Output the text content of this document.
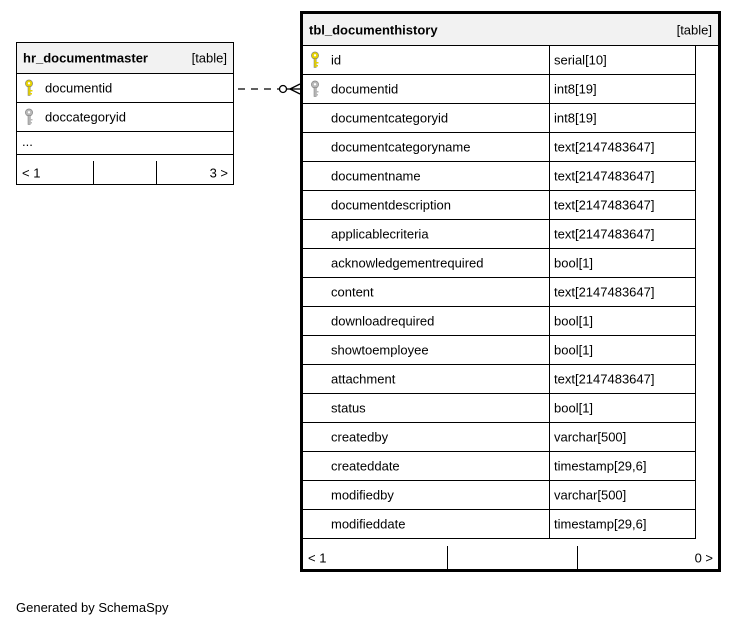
hr_documentmaster	[table]
documentid
doccategoryid
...
< 1	3 >
tbl_documenthistory	[table]
id	serial[10]
documentid	int8[19]
documentcategoryid	int8[19]
documentcategoryname	text[2147483647]
documentname	text[2147483647]
documentdescription	text[2147483647]
applicablecriteria	text[2147483647]
acknowledgementrequired	bool[1]
content	text[2147483647]
downloadrequired	bool[1]
showtoemployee	bool[1]
attachment	text[2147483647]
status	bool[1]
createdby	varchar[500]
createddate	timestamp[29,6]
modifiedby	varchar[500]
modifieddate	timestamp[29,6]
< 1	0 >
Generated by SchemaSpy
